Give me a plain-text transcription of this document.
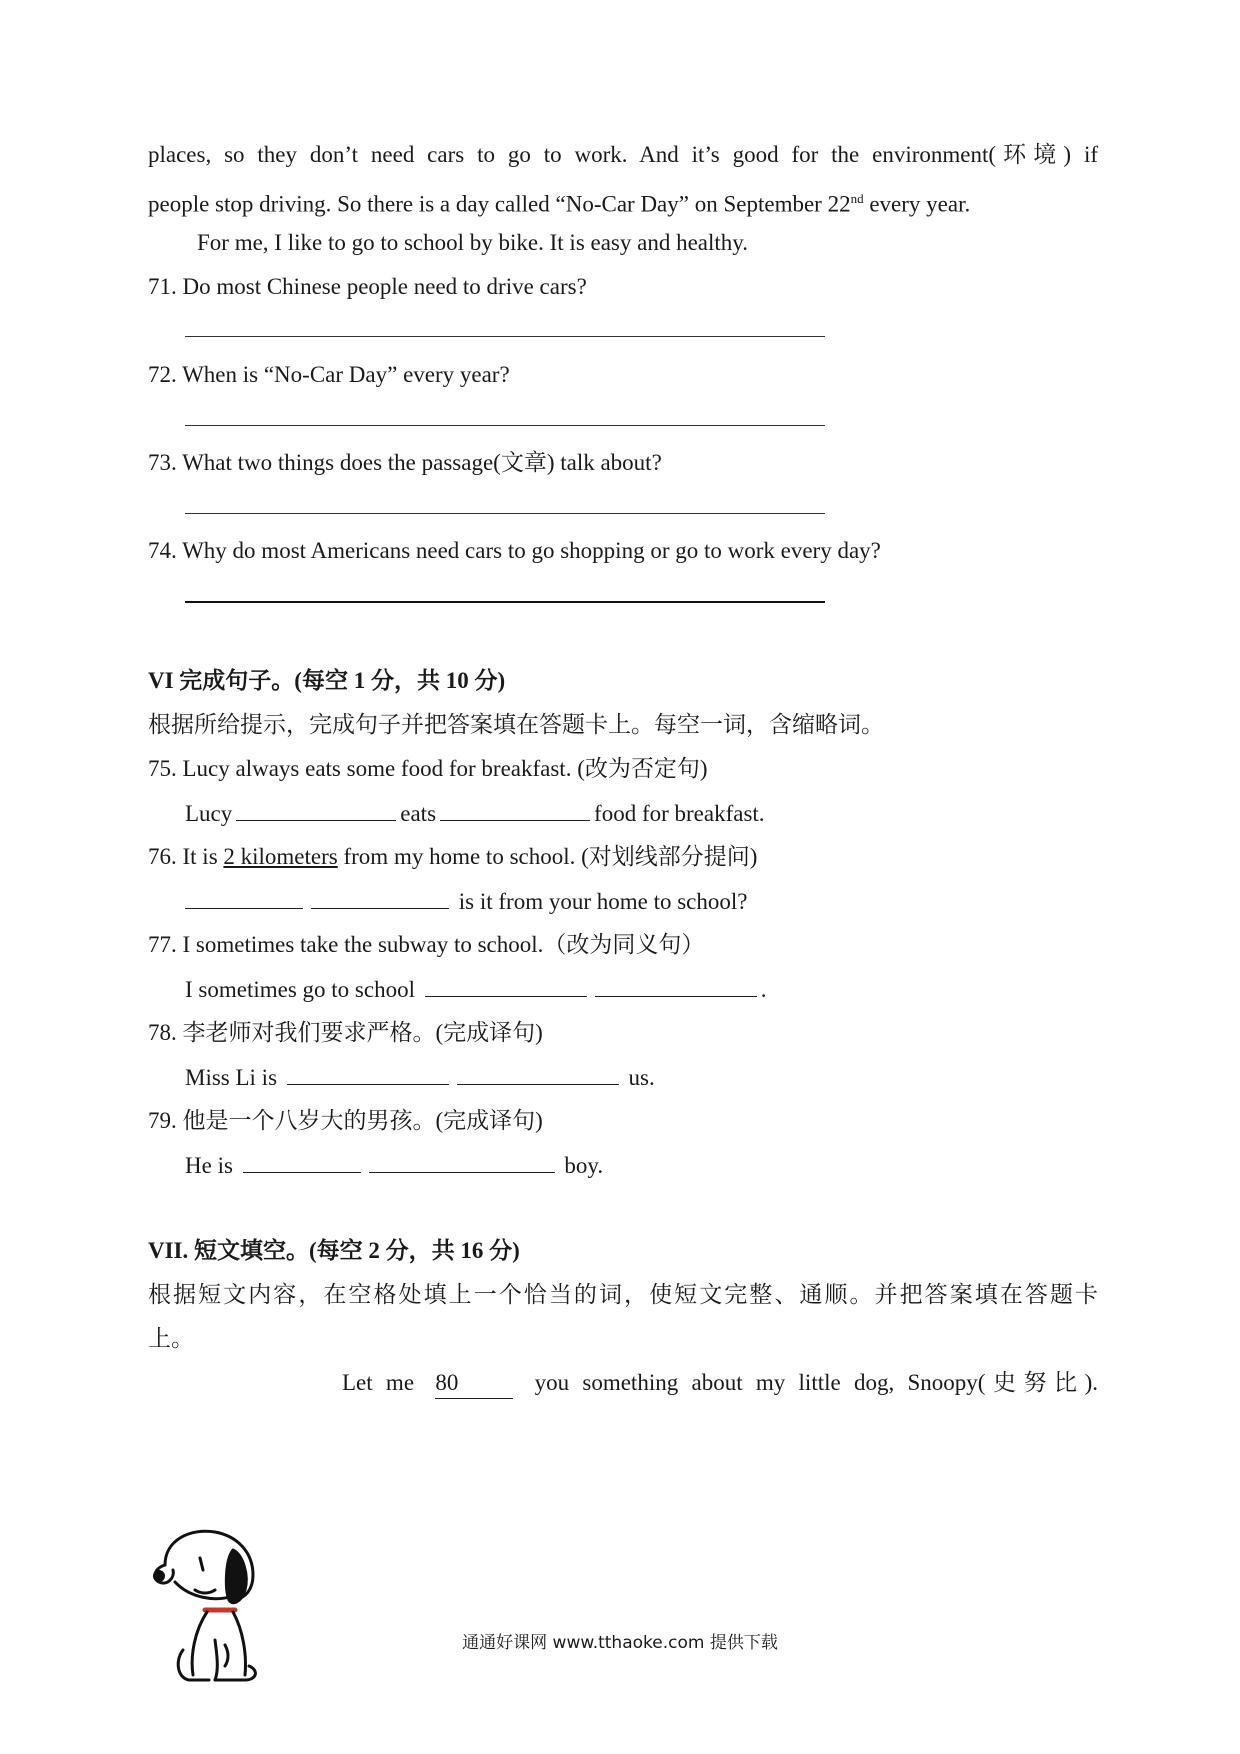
places, so they don’t need cars to go to work. And it’s good for the environment(环境) if
people stop driving. So there is a day called “No-Car Day” on September 22nd every year.
For me, I like to go to school by bike. It is easy and healthy.
71. Do most Chinese people need to drive cars?
72. When is “No-Car Day” every year?
73. What two things does the passage(文章) talk about?
74. Why do most Americans need cars to go shopping or go to work every day?
VI 完成句子。(每空 1 分，共 10 分)
根据所给提示，完成句子并把答案填在答题卡上。每空一词，含缩略词。
75. Lucy always eats some food for breakfast. (改为否定句)
Lucy	eats	food for breakfast.
76. It is 2 kilometers from my home to school. (对划线部分提问)
is it from your home to school?
77. I sometimes take the subway to school.（改为同义句）
I sometimes go to school	.
78. 李老师对我们要求严格。(完成译句)
Miss Li is	us.
79. 他是一个八岁大的男孩。(完成译句)
He is	boy.
VII. 短文填空。(每空 2 分，共 16 分)
根据短文内容，在空格处填上一个恰当的词，使短文完整、通顺。并把答案填在答题卡
上。
Let me 80	you something about my little dog, Snoopy(史努比).
通通好课网 www.tthaoke.com 提供下载
